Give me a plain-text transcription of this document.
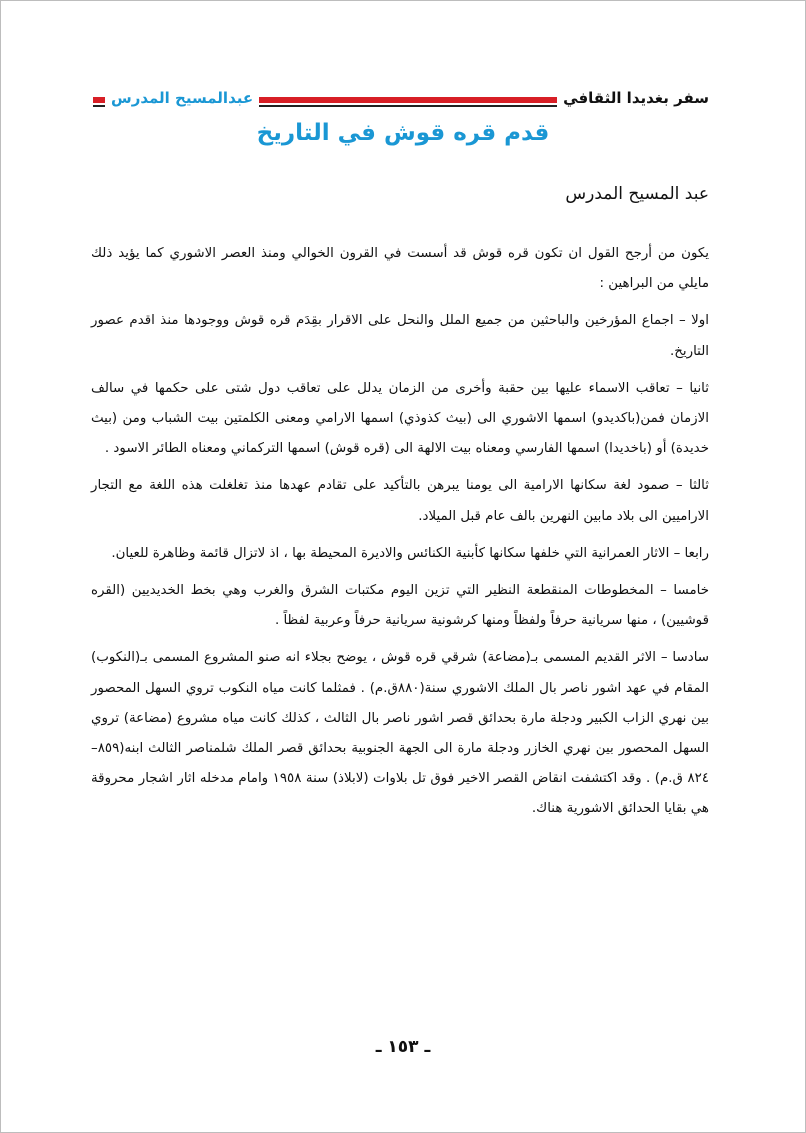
عبدالمسيح المدرس	سفر بغديدا الثقافي
قدم قره قوش في التاريخ
عبد المسيح المدرس

يكون من أرجح القول ان تكون قره قوش قد أسست في القرون الخوالي ومنذ العصر الاشوري كما يؤيد ذلك مايلي من البراهين :

اولا – اجماع المؤرخين والباحثين من جميع الملل والنحل على الاقرار بقِدَم قره قوش ووجودها منذ اقدم عصور التاريخ.

ثانيا – تعاقب الاسماء عليها بين حقبة وأخرى من الزمان يدلل على تعاقب دول شتى على حكمها في سالف الازمان فمن(باكديدو) اسمها الاشوري الى (بيث كذوذي) اسمها الارامي ومعنى الكلمتين بيت الشباب ومن (بيث خديدة) أو (باخديدا) اسمها الفارسي ومعناه بيت الالهة الى (قره قوش) اسمها التركماني ومعناه الطائر الاسود .

ثالثا – صمود لغة سكانها الارامية الى يومنا يبرهن بالتأكيد على تقادم عهدها منذ تغلغلت هذه اللغة مع التجار الاراميين الى بلاد مابين النهرين بالف عام قبل الميلاد.

رابعا – الاثار العمرانية التي خلفها سكانها كأبنية الكنائس والاديرة المحيطة بها ، اذ لاتزال قائمة وظاهرة للعيان.

خامسا – المخطوطات المنقطعة النظير التي تزين اليوم مكتبات الشرق والغرب وهي بخط الخديديين (القره قوشيين) ، منها سريانية حرفاً ولفظاً ومنها كرشونية سريانية حرفاً وعربية لفظاً .

سادسا – الاثر القديم المسمى بـ(مضاعة) شرقي قره قوش ، يوضح بجلاء انه صنو المشروع المسمى بـ(النكوب) المقام في عهد اشور ناصر بال الملك الاشوري سنة(٨٨٠ق.م) . فمثلما كانت مياه النكوب تروي السهل المحصور بين نهري الزاب الكبير ودجلة مارة بحدائق قصر اشور ناصر بال الثالث ، كذلك كانت مياه مشروع (مضاعة) تروي السهل المحصور بين نهري الخازر ودجلة مارة الى الجهة الجنوبية بحدائق قصر الملك شلمناصر الثالث ابنه(٨٥٩– ٨٢٤ ق.م) . وقد اكتشفت انقاض القصر الاخير فوق تل بلاوات (لابلاذ) سنة ١٩٥٨ وامام مدخله اثار اشجار محروقة هي بقايا الحدائق الاشورية هناك.

ـ ١٥٣ ـ
